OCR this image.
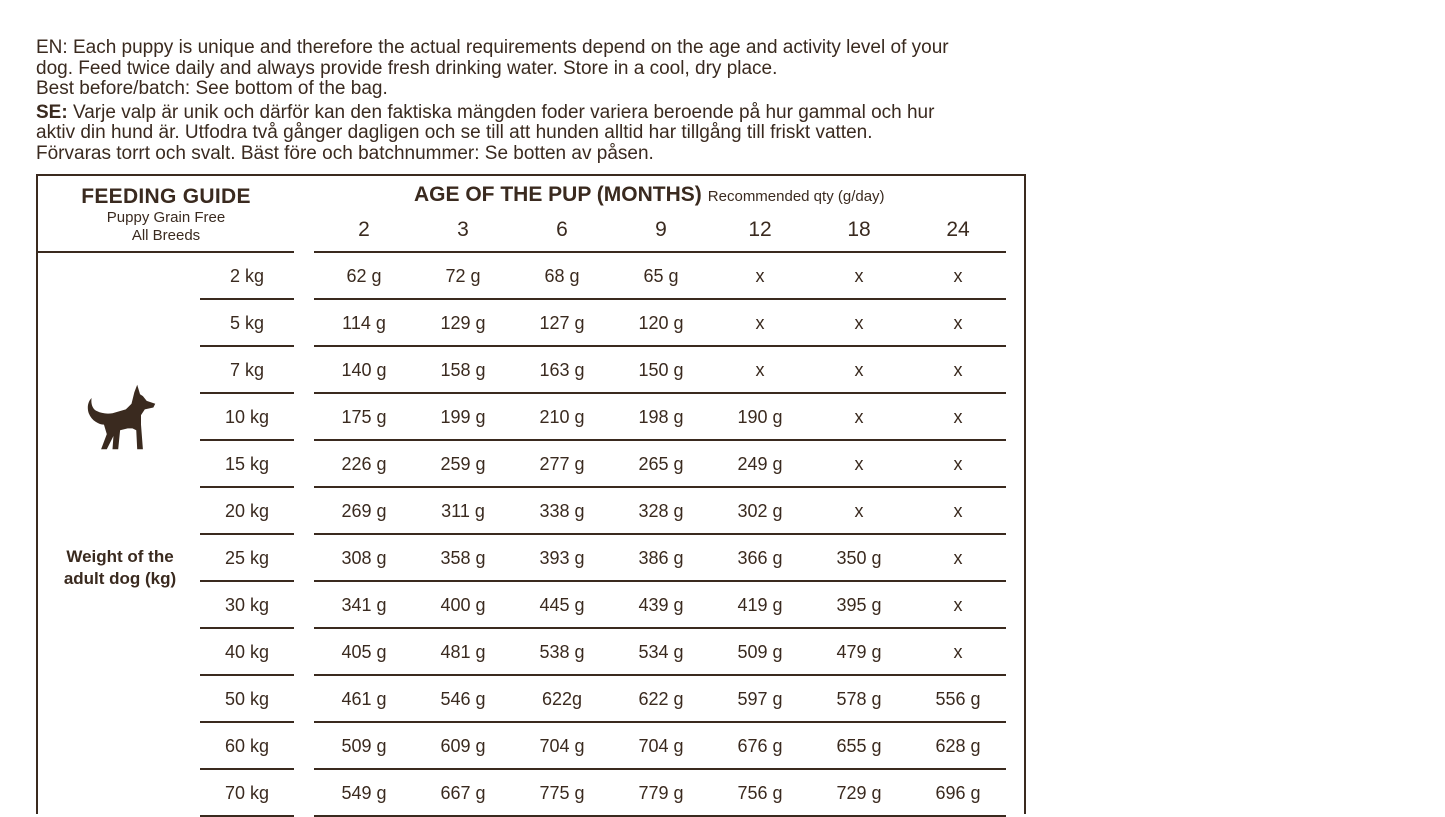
EN: Each puppy is unique and therefore the actual requirements depend on the age and activity level of your

dog. Feed twice daily and always provide fresh drinking water. Store in a cool, dry place.

Best before/batch: See bottom of the bag.

SE: Varje valp är unik och därför kan den faktiska mängden foder variera beroende på hur gammal och hur

aktiv din hund är. Utfodra två gånger dagligen och se till att hunden alltid har tillgång till friskt vatten.

Förvaras torrt och svalt. Bäst före och batchnummer: Se botten av påsen.

FEEDING GUIDE
Puppy Grain Free
All Breeds
AGE OF THE PUP (MONTHS) Recommended qty (g/day)
Weight of the
adult dog (kg)
2	3	6	9	12	18	24
2 kg	62 g	72 g	68 g	65 g	x	x	x
5 kg	114 g	129 g	127 g	120 g	x	x	x
7 kg	140 g	158 g	163 g	150 g	x	x	x
10 kg	175 g	199 g	210 g	198 g	190 g	x	x
15 kg	226 g	259 g	277 g	265 g	249 g	x	x
20 kg	269 g	311 g	338 g	328 g	302 g	x	x
25 kg	308 g	358 g	393 g	386 g	366 g	350 g	x
30 kg	341 g	400 g	445 g	439 g	419 g	395 g	x
40 kg	405 g	481 g	538 g	534 g	509 g	479 g	x
50 kg	461 g	546 g	622g	622 g	597 g	578 g	556 g
60 kg	509 g	609 g	704 g	704 g	676 g	655 g	628 g
70 kg	549 g	667 g	775 g	779 g	756 g	729 g	696 g
